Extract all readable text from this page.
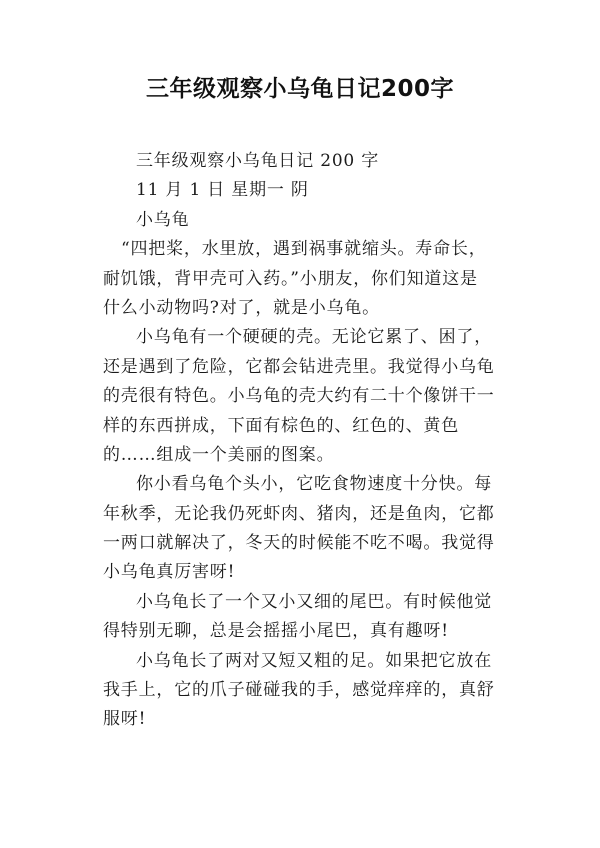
三年级观察小乌龟日记200字
三年级观察小乌龟日记 200 字
11 月 1 日 星期一 阴
小乌龟
“四把桨，水里放，遇到祸事就缩头。寿命长，
耐饥饿，背甲壳可入药。”小朋友，你们知道这是
什么小动物吗?对了，就是小乌龟。
小乌龟有一个硬硬的壳。无论它累了、困了，
还是遇到了危险，它都会钻进壳里。我觉得小乌龟
的壳很有特色。小乌龟的壳大约有二十个像饼干一
样的东西拼成，下面有棕色的、红色的、黄色
的……组成一个美丽的图案。
你小看乌龟个头小，它吃食物速度十分快。每
年秋季，无论我仍死虾肉、猪肉，还是鱼肉，它都
一两口就解决了，冬天的时候能不吃不喝。我觉得
小乌龟真厉害呀!
小乌龟长了一个又小又细的尾巴。有时候他觉
得特别无聊，总是会摇摇小尾巴，真有趣呀!
小乌龟长了两对又短又粗的足。如果把它放在
我手上，它的爪子碰碰我的手，感觉痒痒的，真舒
服呀!
